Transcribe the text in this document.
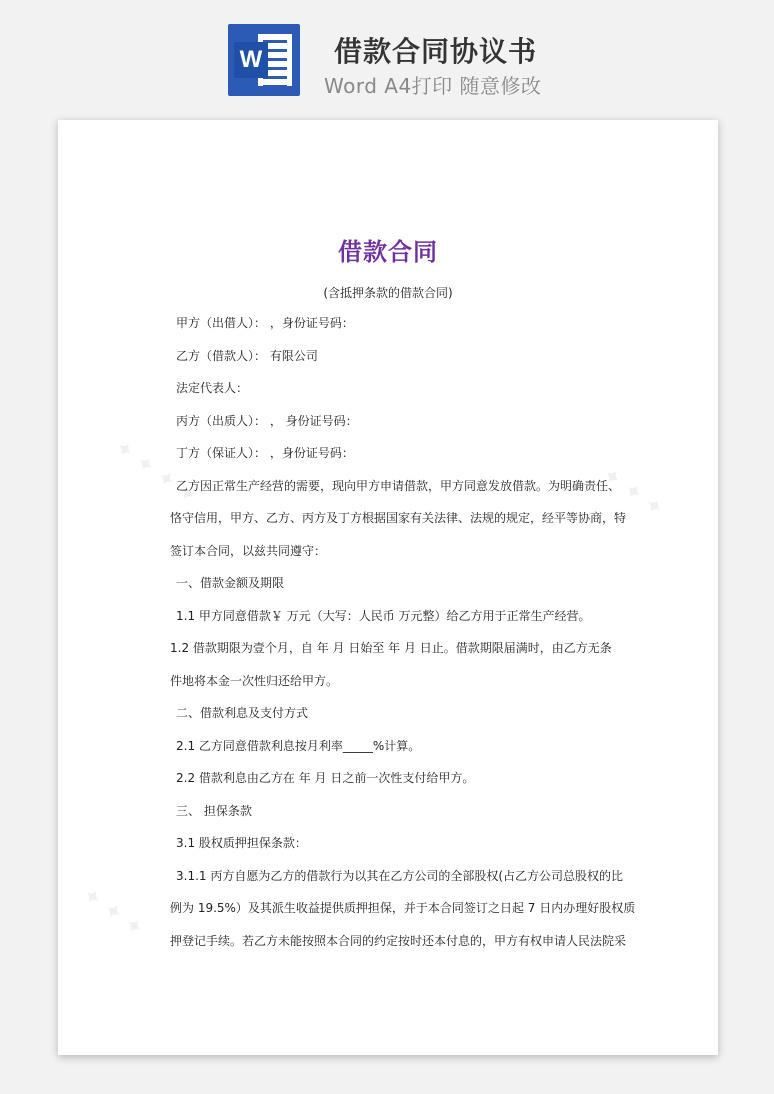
W	借款合同协议书
Word A4打印 随意修改
✦ ✦ ✦ ✦	✦ ✦ ✦
✦ ✦ ✦
借款合同
(含抵押条款的借款合同)

甲方（出借人）： ，身份证号码：

乙方（借款人）： 有限公司

法定代表人：

丙方（出质人）： ， 身份证号码：

丁方（保证人）： ，身份证号码：

乙方因正常生产经营的需要，现向甲方申请借款，甲方同意发放借款。为明确责任、

恪守信用，甲方、乙方、丙方及丁方根据国家有关法律、法规的规定，经平等协商，特

签订本合同，以兹共同遵守：

一、借款金额及期限

1.1 甲方同意借款￥ 万元（大写：人民币 万元整）给乙方用于正常生产经营。

1.2 借款期限为壹个月，自 年 月 日始至 年 月 日止。借款期限届满时，由乙方无条

件地将本金一次性归还给甲方。

二、借款利息及支付方式

2.1 乙方同意借款利息按月利率_____%计算。

2.2 借款利息由乙方在 年 月 日之前一次性支付给甲方。

三、 担保条款

3.1 股权质押担保条款：

3.1.1 丙方自愿为乙方的借款行为以其在乙方公司的全部股权(占乙方公司总股权的比

例为 19.5%）及其派生收益提供质押担保，并于本合同签订之日起 7 日内办理好股权质

押登记手续。若乙方未能按照本合同的约定按时还本付息的，甲方有权申请人民法院采
